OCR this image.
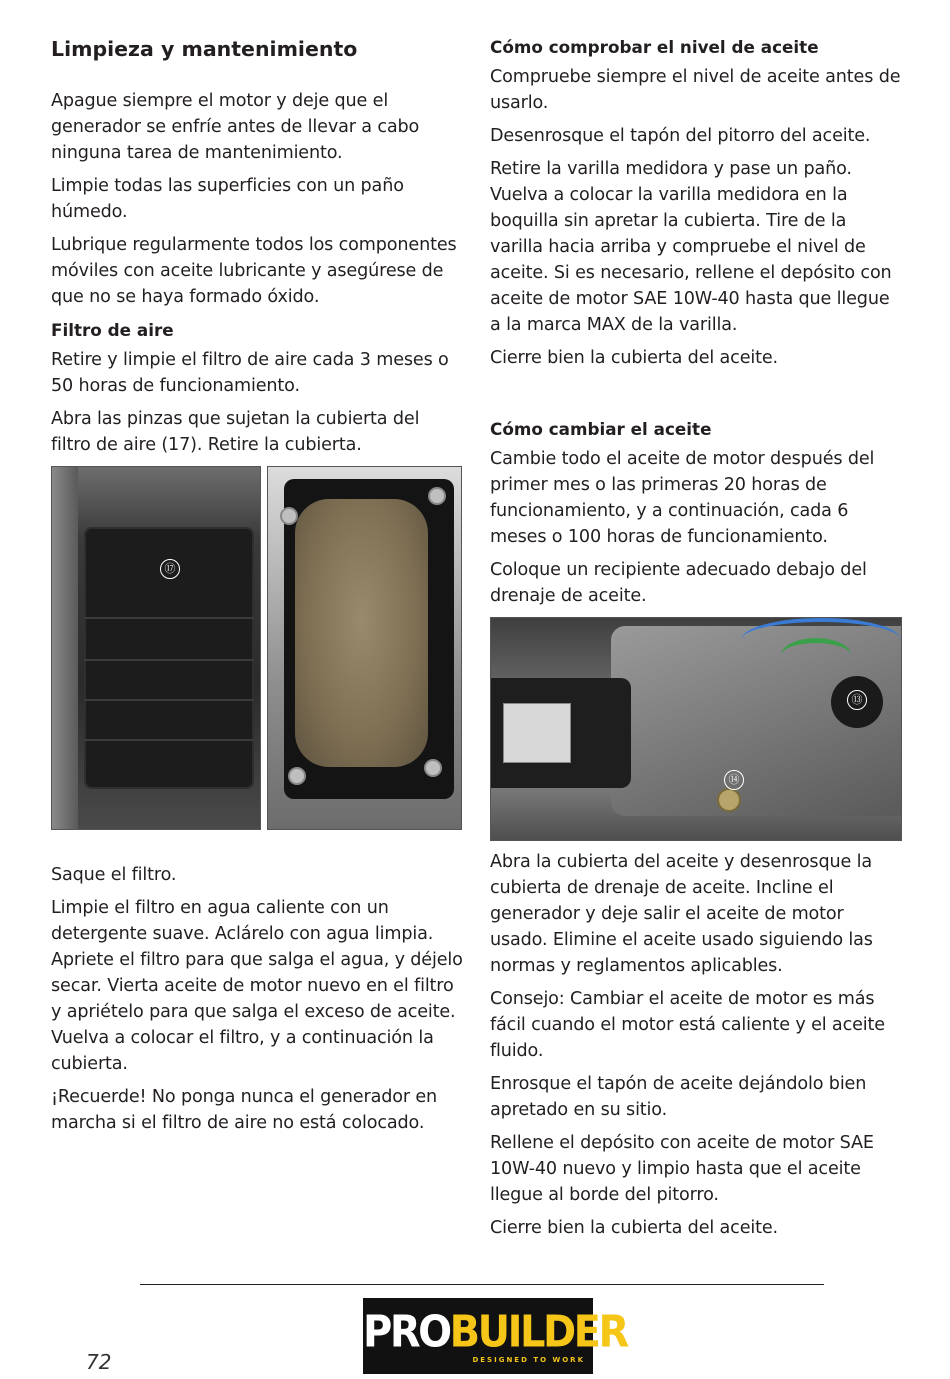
Limpieza y mantenimiento

Apague siempre el motor y deje que el generador se enfríe antes de llevar a cabo ninguna tarea de mantenimiento.

Limpie todas las superficies con un paño húmedo.

Lubrique regularmente todos los componentes móviles con aceite lubricante y asegúrese de que no se haya formado óxido.

Filtro de aire

Retire y limpie el filtro de aire cada 3 meses o 50 horas de funcionamiento.

Abra las pinzas que sujetan la cubierta del filtro de aire (17). Retire la cubierta.

⑰

Saque el filtro.

Limpie el filtro en agua caliente con un detergente suave. Aclárelo con agua limpia. Apriete el filtro para que salga el agua, y déjelo secar. Vierta aceite de motor nuevo en el filtro y apriételo para que salga el exceso de aceite. Vuelva a colocar el filtro, y a continuación la cubierta.

¡Recuerde! No ponga nunca el generador en marcha si el filtro de aire no está colocado.

Cómo comprobar el nivel de aceite

Compruebe siempre el nivel de aceite antes de usarlo.

Desenrosque el tapón del pitorro del aceite.

Retire la varilla medidora y pase un paño. Vuelva a colocar la varilla medidora en la boquilla sin apretar la cubierta. Tire de la varilla hacia arriba y compruebe el nivel de aceite. Si es necesario, rellene el depósito con aceite de motor SAE 10W-40 hasta que llegue a la marca MAX de la varilla.

Cierre bien la cubierta del aceite.

Cómo cambiar el aceite

Cambie todo el aceite de motor después del primer mes o las primeras 20 horas de funcionamiento, y a continuación, cada 6 meses o 100 horas de funcionamiento.

Coloque un recipiente adecuado debajo del drenaje de aceite.

⑬
⑭

Abra la cubierta del aceite y desenrosque la cubierta de drenaje de aceite. Incline el generador y deje salir el aceite de motor usado. Elimine el aceite usado siguiendo las normas y reglamentos aplicables.

Consejo: Cambiar el aceite de motor es más fácil cuando el motor está caliente y el aceite fluido.

Enrosque el tapón de aceite dejándolo bien apretado en su sitio.

Rellene el depósito con aceite de motor SAE 10W-40 nuevo y limpio hasta que el aceite llegue al borde del pitorro.

Cierre bien la cubierta del aceite.

PROBUILDER
DESIGNED TO WORK
72
